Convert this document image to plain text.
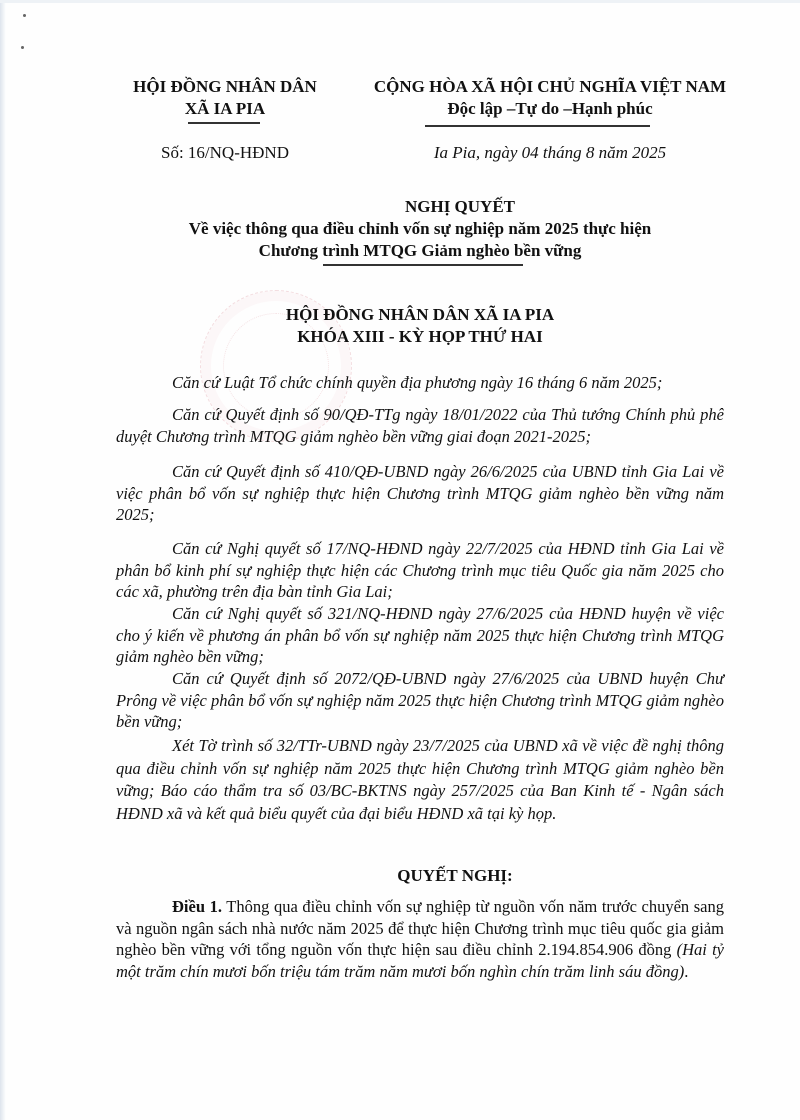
HỘI ĐỒNG NHÂN DÂN
XÃ IA PIA
CỘNG HÒA XÃ HỘI CHỦ NGHĨA VIỆT NAM
Độc lập –Tự do –Hạnh phúc
Số: 16/NQ-HĐND	Ia Pia, ngày 04 tháng 8 năm 2025
NGHỊ QUYẾT
Về việc thông qua điều chỉnh vốn sự nghiệp năm 2025 thực hiện
Chương trình MTQG Giảm nghèo bền vững
HỘI ĐỒNG NHÂN DÂN XÃ IA PIA
KHÓA XIII - KỲ HỌP THỨ HAI
Căn cứ Luật Tổ chức chính quyền địa phương ngày 16 tháng 6 năm 2025;
Căn cứ Quyết định số 90/QĐ-TTg ngày 18/01/2022 của Thủ tướng Chính phủ phê duyệt Chương trình MTQG giảm nghèo bền vững giai đoạn 2021-2025;
Căn cứ Quyết định số 410/QĐ-UBND ngày 26/6/2025 của UBND tỉnh Gia Lai về việc phân bổ vốn sự nghiệp thực hiện Chương trình MTQG giảm nghèo bền vững năm 2025;
Căn cứ Nghị quyết số 17/NQ-HĐND ngày 22/7/2025 của HĐND tỉnh Gia Lai về phân bổ kinh phí sự nghiệp thực hiện các Chương trình mục tiêu Quốc gia năm 2025 cho các xã, phường trên địa bàn tỉnh Gia Lai;
Căn cứ Nghị quyết số 321/NQ-HĐND ngày 27/6/2025 của HĐND huyện về việc cho ý kiến về phương án phân bổ vốn sự nghiệp năm 2025 thực hiện Chương trình MTQG giảm nghèo bền vững;
Căn cứ Quyết định số 2072/QĐ-UBND ngày 27/6/2025 của UBND huyện Chư Prông về việc phân bổ vốn sự nghiệp năm 2025 thực hiện Chương trình MTQG giảm nghèo bền vững;
Xét Tờ trình số 32/TTr-UBND ngày 23/7/2025 của UBND xã về việc đề nghị thông qua điều chỉnh vốn sự nghiệp năm 2025 thực hiện Chương trình MTQG giảm nghèo bền vững; Báo cáo thẩm tra số 03/BC-BKTNS ngày 257/2025 của Ban Kinh tế - Ngân sách HĐND xã và kết quả biểu quyết của đại biểu HĐND xã tại kỳ họp.
QUYẾT NGHỊ:
Điều 1. Thông qua điều chỉnh vốn sự nghiệp từ nguồn vốn năm trước chuyển sang và nguồn ngân sách nhà nước năm 2025 để thực hiện Chương trình mục tiêu quốc gia giảm nghèo bền vững với tổng nguồn vốn thực hiện sau điều chỉnh 2.194.854.906 đồng (Hai tỷ một trăm chín mươi bốn triệu tám trăm năm mươi bốn nghìn chín trăm linh sáu đồng).
